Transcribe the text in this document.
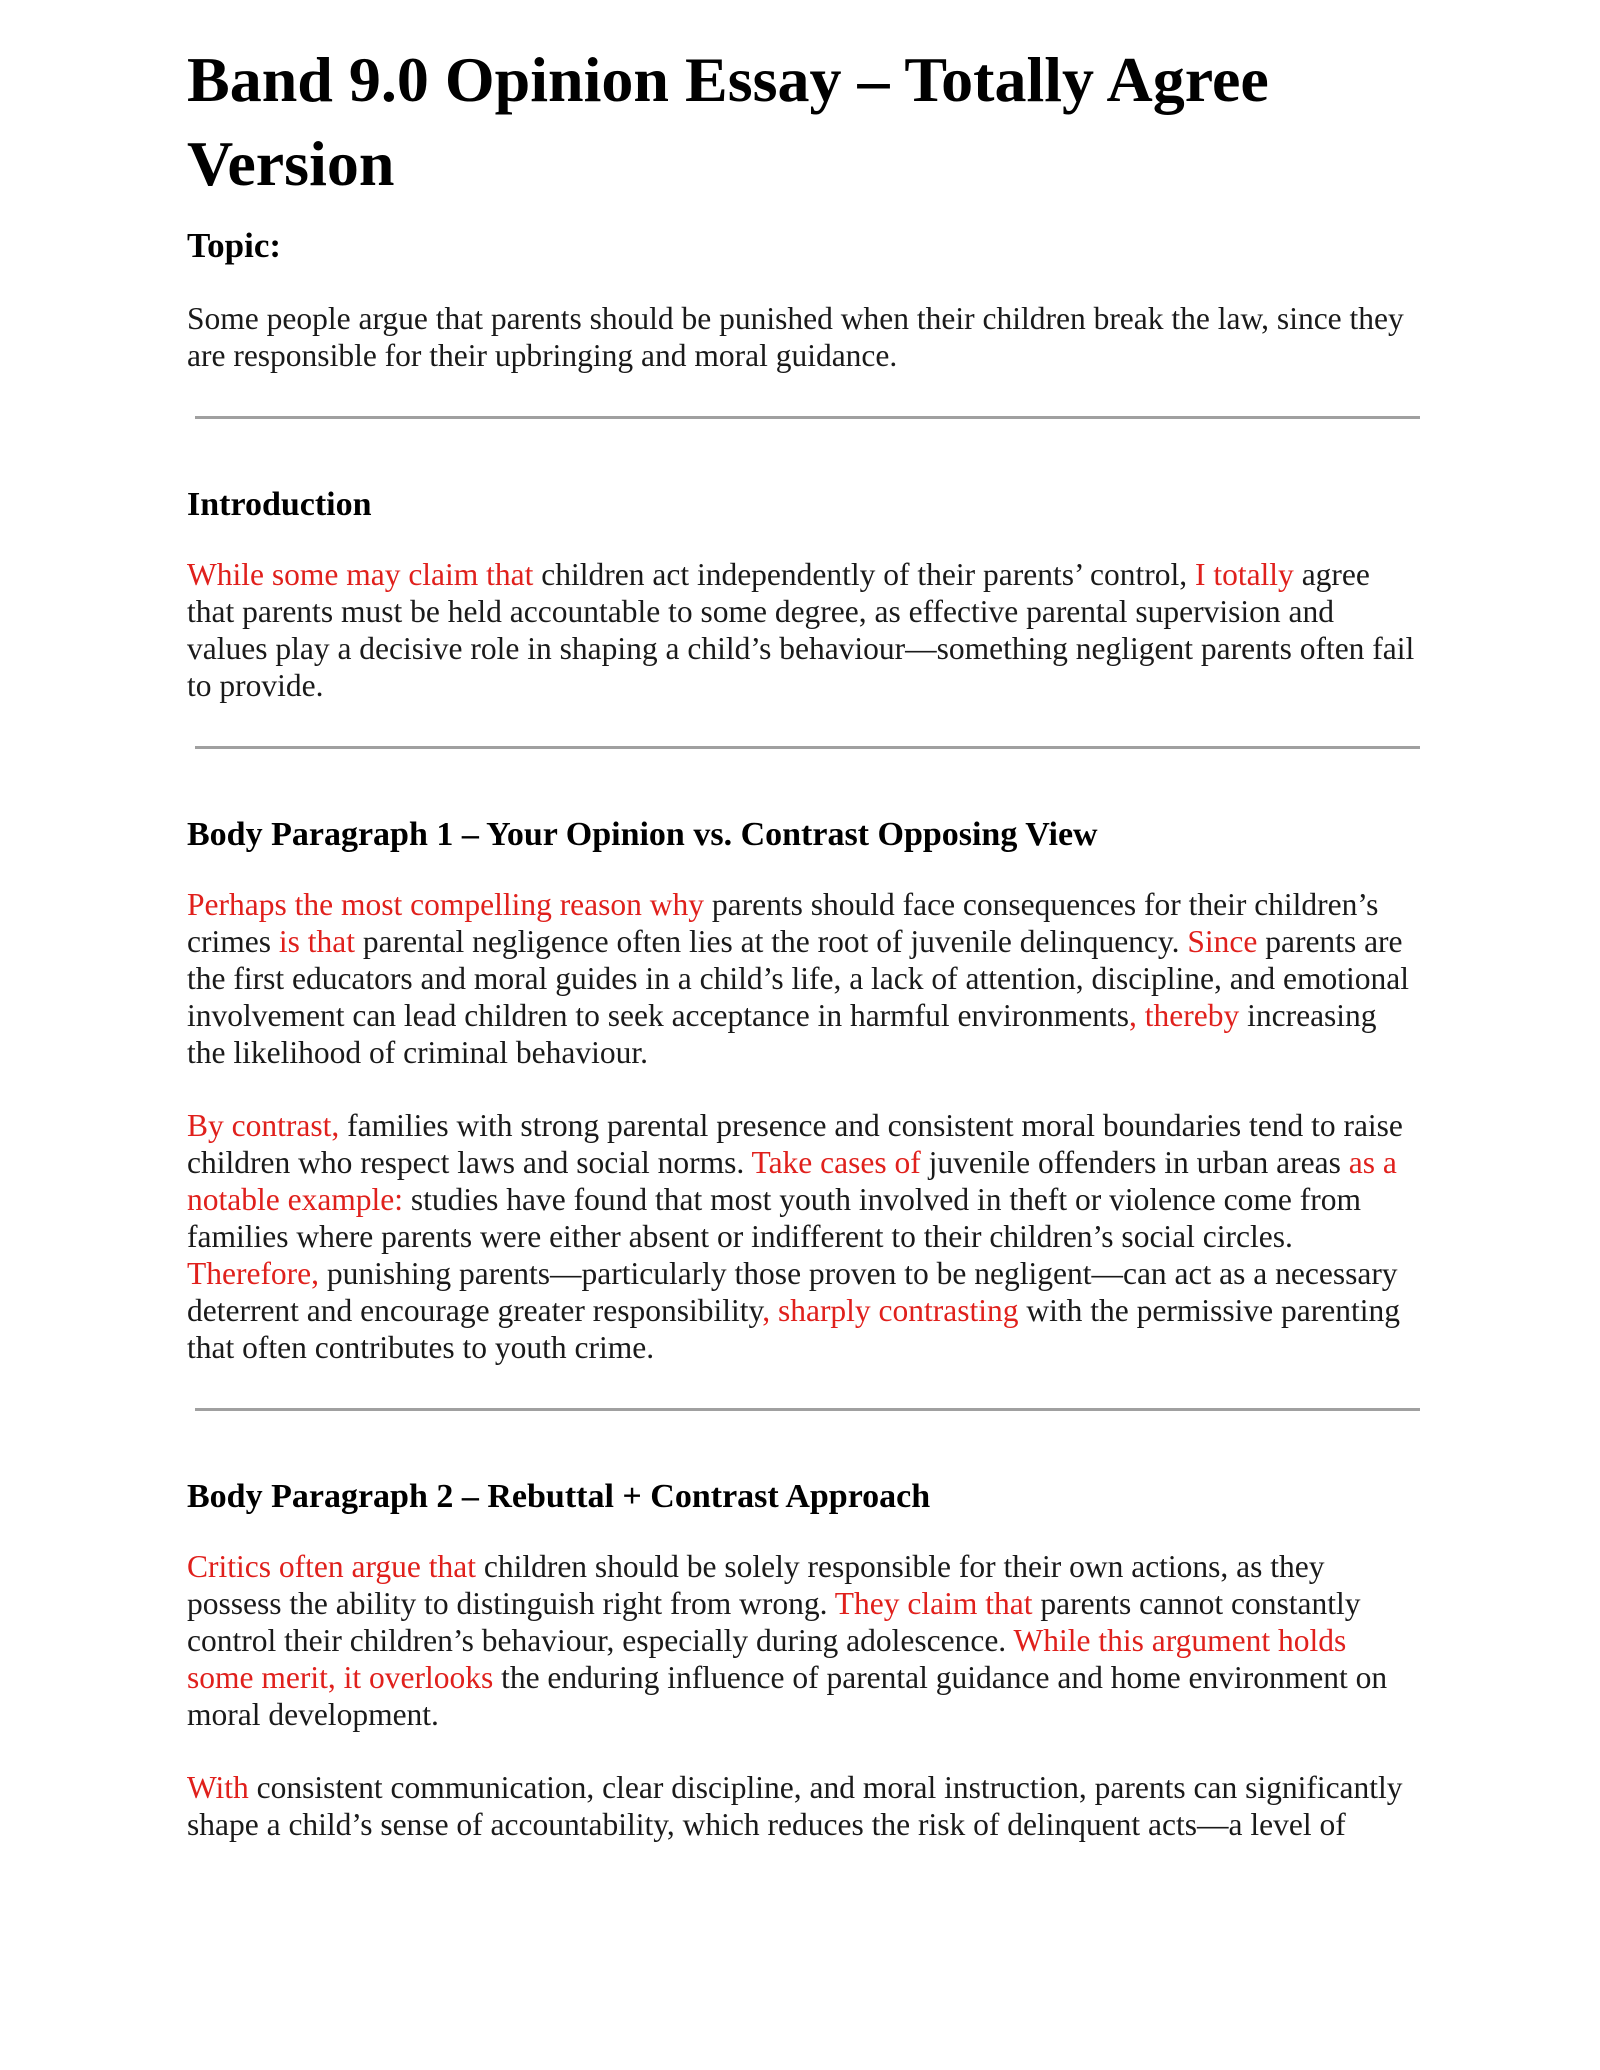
Band 9.0 Opinion Essay – Totally Agree Version
Topic:

Some people argue that parents should be punished when their children break the law, since they are responsible for their upbringing and moral guidance.

Introduction

While some may claim that children act independently of their parents’ control, I totally agree that parents must be held accountable to some degree, as effective parental supervision and values play a decisive role in shaping a child’s behaviour—something negligent parents often fail to provide.

Body Paragraph 1 – Your Opinion vs. Contrast Opposing View

Perhaps the most compelling reason why parents should face consequences for their children’s crimes is that parental negligence often lies at the root of juvenile delinquency. Since parents are the first educators and moral guides in a child’s life, a lack of attention, discipline, and emotional involvement can lead children to seek acceptance in harmful environments, thereby increasing the likelihood of criminal behaviour.

By contrast, families with strong parental presence and consistent moral boundaries tend to raise children who respect laws and social norms. Take cases of juvenile offenders in urban areas as a notable example: studies have found that most youth involved in theft or violence come from families where parents were either absent or indifferent to their children’s social circles. Therefore, punishing parents—particularly those proven to be negligent—can act as a necessary deterrent and encourage greater responsibility, sharply contrasting with the permissive parenting that often contributes to youth crime.

Body Paragraph 2 – Rebuttal + Contrast Approach

Critics often argue that children should be solely responsible for their own actions, as they possess the ability to distinguish right from wrong. They claim that parents cannot constantly control their children’s behaviour, especially during adolescence. While this argument holds some merit, it overlooks the enduring influence of parental guidance and home environment on moral development.

With consistent communication, clear discipline, and moral instruction, parents can significantly shape a child’s sense of accountability, which reduces the risk of delinquent acts—a level of
